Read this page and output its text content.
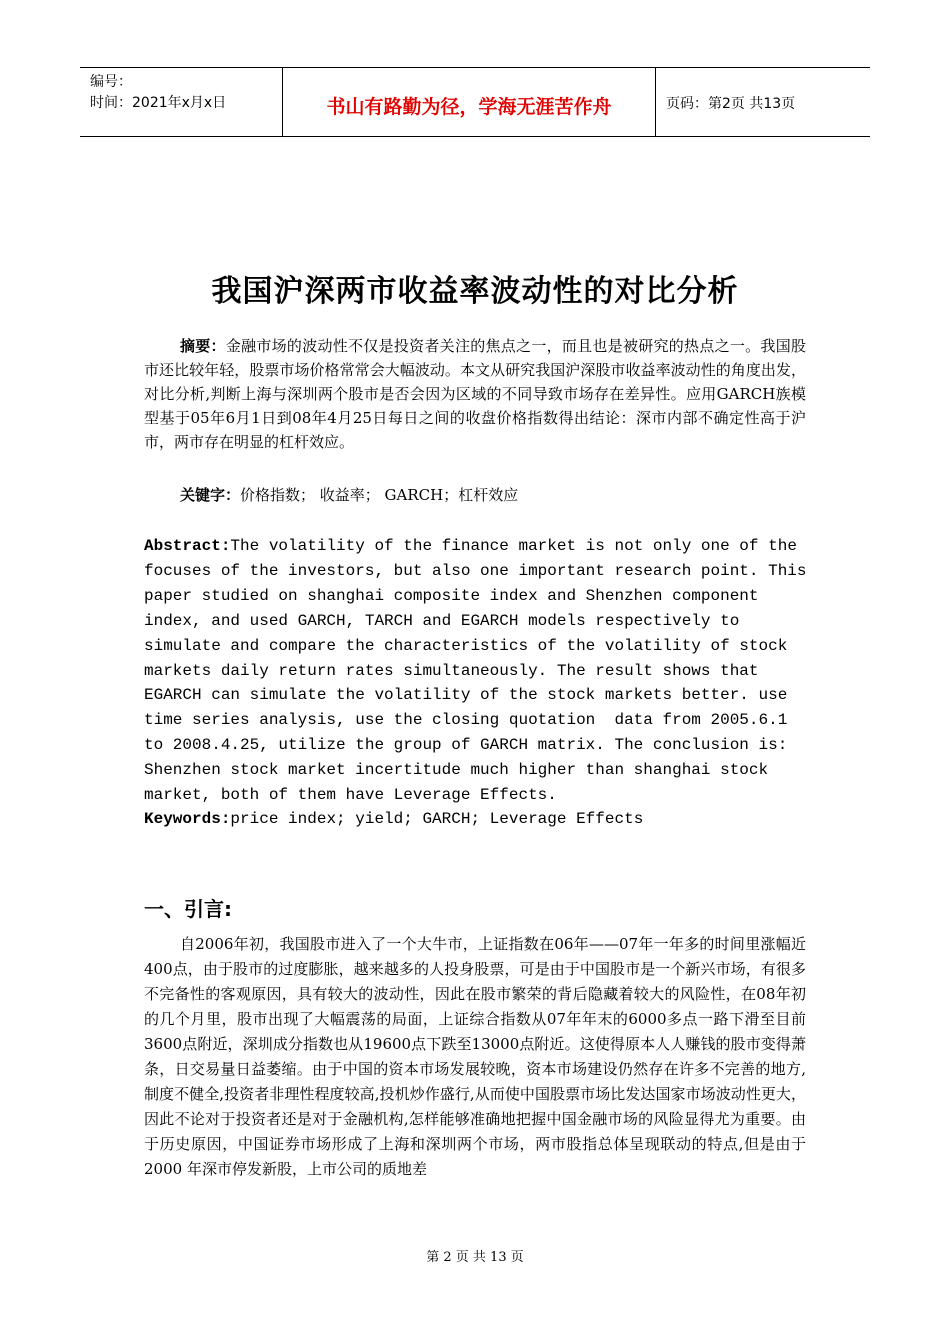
编号：
时间：2021年x月x日	书山有路勤为径，学海无涯苦作舟	页码：第2页 共13页
我国沪深两市收益率波动性的对比分析
摘要：金融市场的波动性不仅是投资者关注的焦点之一，而且也是被研究的热点之一。我国股市还比较年轻，股票市场价格常常会大幅波动。本文从研究我国沪深股市收益率波动性的角度出发，对比分析,判断上海与深圳两个股市是否会因为区域的不同导致市场存在差异性。应用GARCH族模型基于05年6月1日到08年4月25日每日之间的收盘价格指数得出结论：深市内部不确定性高于沪市，两市存在明显的杠杆效应。
关键字：价格指数； 收益率； GARCH；杠杆效应
Abstract:The volatility of the finance market is not only one of the
focuses of the investors, but also one important research point. This
paper studied on shanghai composite index and Shenzhen component
index, and used GARCH, TARCH and EGARCH models respectively to
simulate and compare the characteristics of the volatility of stock
markets daily return rates simultaneously. The result shows that
EGARCH can simulate the volatility of the stock markets better. use
time series analysis, use the closing quotation  data from 2005.6.1
to 2008.4.25, utilize the group of GARCH matrix. The conclusion is:
Shenzhen stock market incertitude much higher than shanghai stock
market, both of them have Leverage Effects.
Keywords:price index; yield; GARCH; Leverage Effects
一、引言:
自2006年初，我国股市进入了一个大牛市，上证指数在06年——07年一年多的时间里涨幅近400点，由于股市的过度膨胀，越来越多的人投身股票，可是由于中国股市是一个新兴市场，有很多不完备性的客观原因，具有较大的波动性，因此在股市繁荣的背后隐藏着较大的风险性，在08年初的几个月里，股市出现了大幅震荡的局面，上证综合指数从07年年末的6000多点一路下滑至目前3600点附近，深圳成分指数也从19600点下跌至13000点附近。这使得原本人人赚钱的股市变得萧条，日交易量日益萎缩。由于中国的资本市场发展较晚，资本市场建设仍然存在许多不完善的地方,制度不健全,投资者非理性程度较高,投机炒作盛行,从而使中国股票市场比发达国家市场波动性更大，因此不论对于投资者还是对于金融机构,怎样能够准确地把握中国金融市场的风险显得尤为重要。由于历史原因，中国证券市场形成了上海和深圳两个市场，两市股指总体呈现联动的特点,但是由于2000 年深市停发新股，上市公司的质地差
第 2 页 共 13 页
